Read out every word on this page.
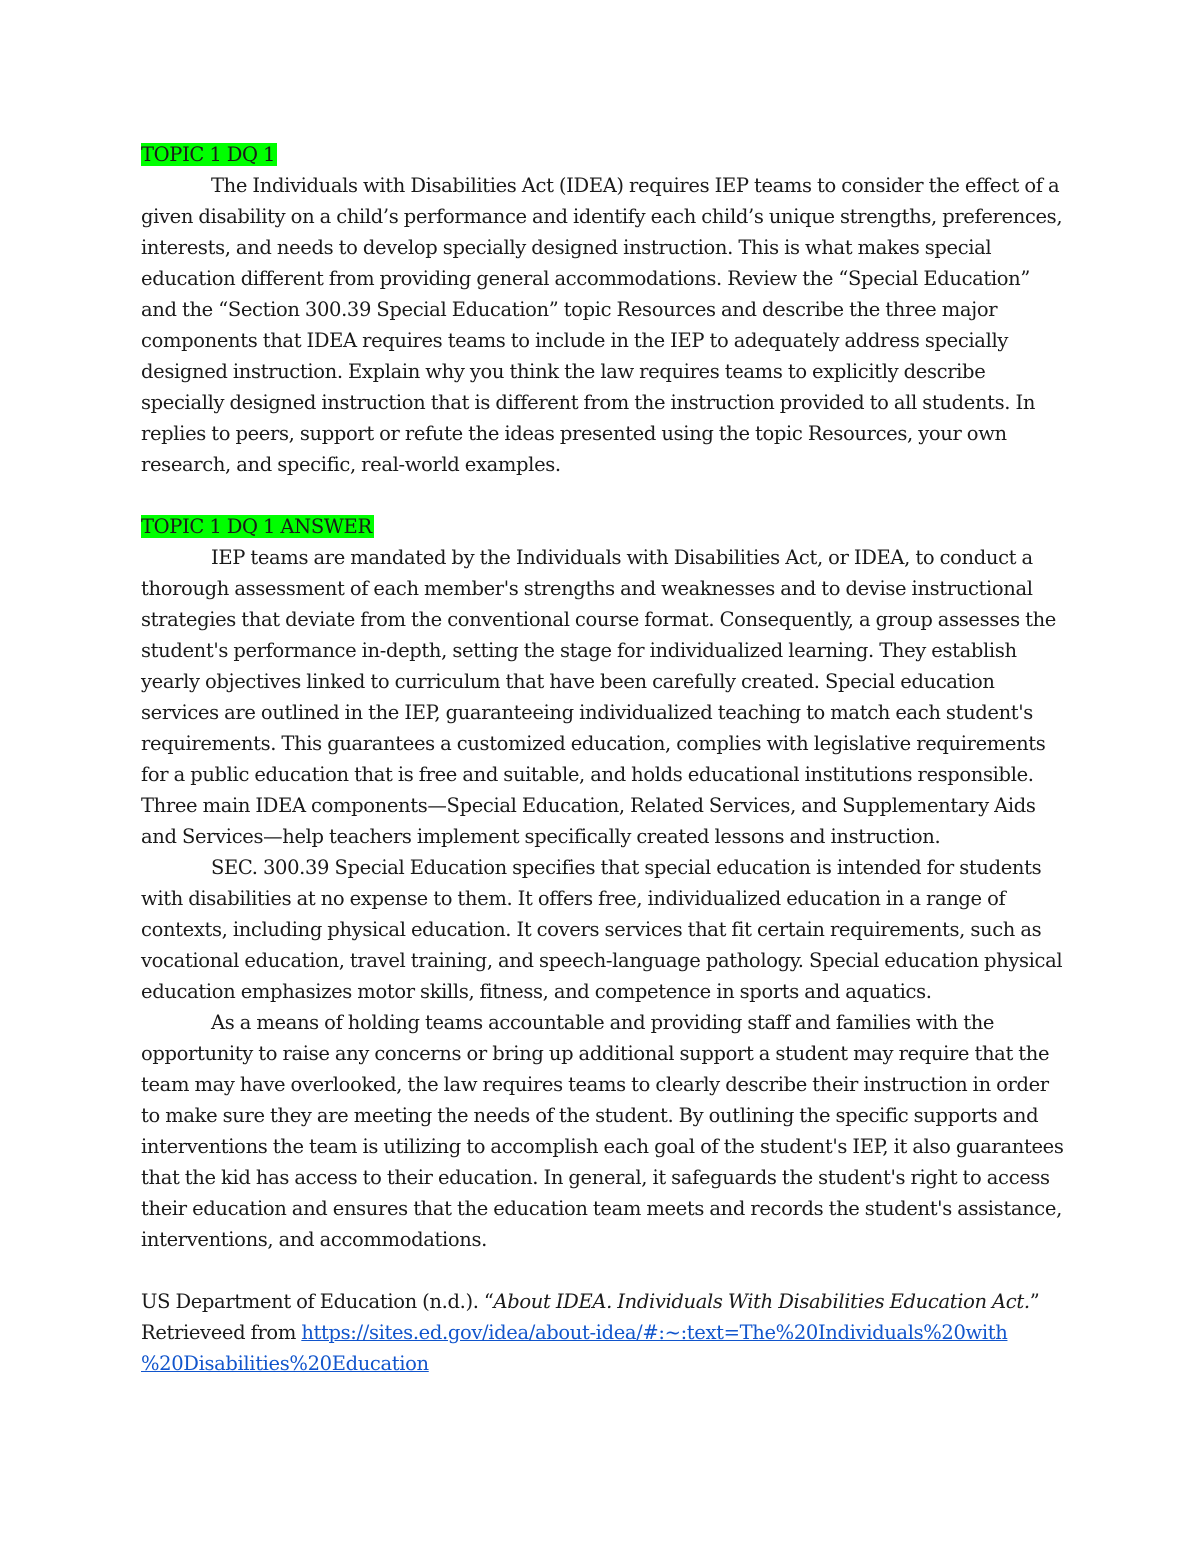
TOPIC 1 DQ 1

The Individuals with Disabilities Act (IDEA) requires IEP teams to consider the effect of a given disability on a child’s performance and identify each child’s unique strengths, preferences, interests, and needs to develop specially designed instruction. This is what makes special education different from providing general accommodations. Review the “Special Education” and the “Section 300.39 Special Education” topic Resources and describe the three major components that IDEA requires teams to include in the IEP to adequately address specially designed instruction. Explain why you think the law requires teams to explicitly describe specially designed instruction that is different from the instruction provided to all students. In replies to peers, support or refute the ideas presented using the topic Resources, your own research, and specific, real-world examples.

TOPIC 1 DQ 1 ANSWER

IEP teams are mandated by the Individuals with Disabilities Act, or IDEA, to conduct a thorough assessment of each member's strengths and weaknesses and to devise instructional strategies that deviate from the conventional course format. Consequently, a group assesses the student's performance in-depth, setting the stage for individualized learning. They establish yearly objectives linked to curriculum that have been carefully created. Special education services are outlined in the IEP, guaranteeing individualized teaching to match each student's requirements. This guarantees a customized education, complies with legislative requirements for a public education that is free and suitable, and holds educational institutions responsible. Three main IDEA components—Special Education, Related Services, and Supplementary Aids and Services—help teachers implement specifically created lessons and instruction.

SEC. 300.39 Special Education specifies that special education is intended for students with disabilities at no expense to them. It offers free, individualized education in a range of contexts, including physical education. It covers services that fit certain requirements, such as vocational education, travel training, and speech-language pathology. Special education physical education emphasizes motor skills, fitness, and competence in sports and aquatics.

As a means of holding teams accountable and providing staff and families with the opportunity to raise any concerns or bring up additional support a student may require that the team may have overlooked, the law requires teams to clearly describe their instruction in order to make sure they are meeting the needs of the student. By outlining the specific supports and interventions the team is utilizing to accomplish each goal of the student's IEP, it also guarantees that the kid has access to their education. In general, it safeguards the student's right to access their education and ensures that the education team meets and records the student's assistance, interventions, and accommodations.

US Department of Education (n.d.). “About IDEA. Individuals With Disabilities Education Act.”

Retrieveed from https://sites.ed.gov/idea/about-idea/#:~:text=The%20Individuals%20with
%20Disabilities%20Education
